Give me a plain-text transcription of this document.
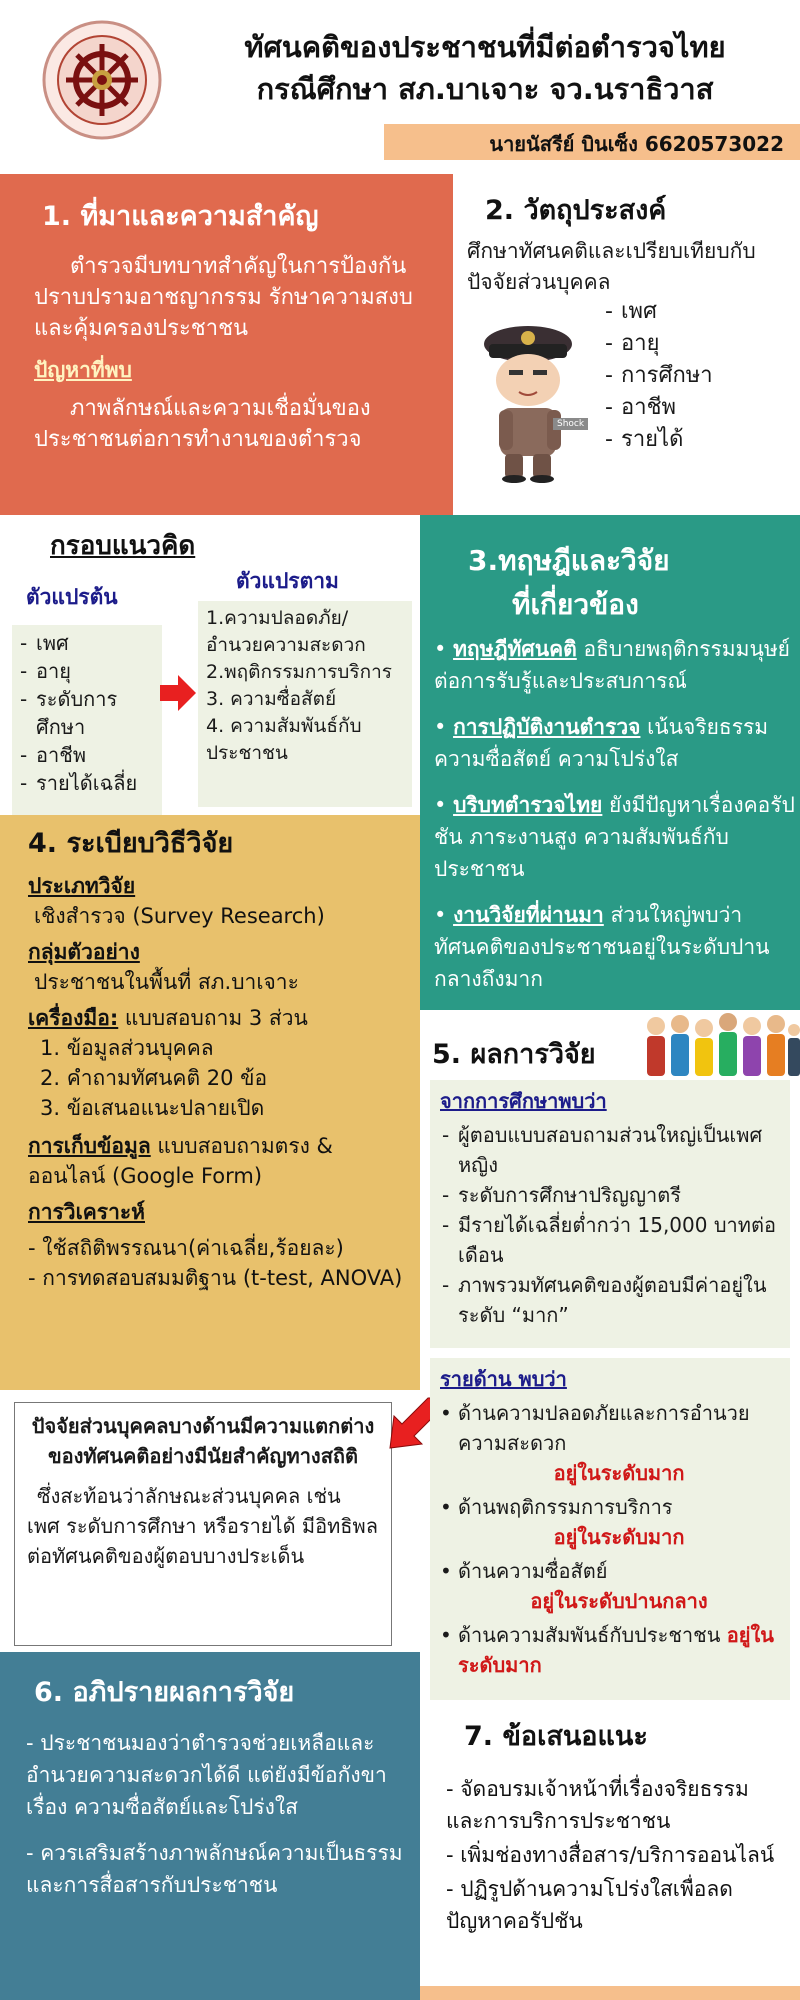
ทัศนคติของประชาชนที่มีต่อตำรวจไทย
กรณีศึกษา สภ.บาเจาะ จว.นราธิวาส
นายนัสรีย์ บินเซ็ง 6620573022
1. ที่มาและความสำคัญ
ตำรวจมีบทบาทสำคัญในการป้องกันปราบปรามอาชญากรรม รักษาความสงบ และคุ้มครองประชาชน
ปัญหาที่พบ
ภาพลักษณ์และความเชื่อมั่นของประชาชนต่อการทำงานของตำรวจ
2. วัตถุประสงค์
ศึกษาทัศนคติและเปรียบเทียบกับปัจจัยส่วนบุคคล
Shock
- เพศ
- อายุ
- การศึกษา
- อาชีพ
- รายได้
กรอบแนวคิด
ตัวแปรต้น
- เพศ
- อายุ
- ระดับการศึกษา
- อาชีพ
- รายได้เฉลี่ย
ตัวแปรตาม
1.ความปลอดภัย/อำนวยความสะดวก
2.พฤติกรรมการบริการ
3. ความซื่อสัตย์
4. ความสัมพันธ์กับประชาชน
3.ทฤษฎีและวิจัย
ที่เกี่ยวข้อง
• ทฤษฎีทัศนคติ อธิบายพฤติกรรมมนุษย์ต่อการรับรู้และประสบการณ์
• การปฏิบัติงานตำรวจ เน้นจริยธรรมความซื่อสัตย์ ความโปร่งใส
• บริบทตำรวจไทย ยังมีปัญหาเรื่องคอรัปชัน ภาระงานสูง ความสัมพันธ์กับประชาชน
• งานวิจัยที่ผ่านมา ส่วนใหญ่พบว่าทัศนคติของประชาชนอยู่ในระดับปานกลางถึงมาก
4. ระเบียบวิธีวิจัย
ประเภทวิจัย
เชิงสำรวจ (Survey Research)
กลุ่มตัวอย่าง
ประชาชนในพื้นที่ สภ.บาเจาะ
เครื่องมือ: แบบสอบถาม 3 ส่วน
1. ข้อมูลส่วนบุคคล
2. คำถามทัศนคติ 20 ข้อ
3. ข้อเสนอแนะปลายเปิด
การเก็บข้อมูล แบบสอบถามตรง & ออนไลน์ (Google Form)
การวิเคราะห์
- ใช้สถิติพรรณนา(ค่าเฉลี่ย,ร้อยละ)
- การทดสอบสมมติฐาน (t-test, ANOVA)
ปัจจัยส่วนบุคคลบางด้านมีความแตกต่างของทัศนคติอย่างมีนัยสำคัญทางสถิติ
ซึ่งสะท้อนว่าลักษณะส่วนบุคคล เช่น เพศ ระดับการศึกษา หรือรายได้ มีอิทธิพลต่อทัศนคติของผู้ตอบบางประเด็น
5. ผลการวิจัย
จากการศึกษาพบว่า
- ผู้ตอบแบบสอบถามส่วนใหญ่เป็นเพศหญิง
- ระดับการศึกษาปริญญาตรี
- มีรายได้เฉลี่ยต่ำกว่า 15,000 บาทต่อเดือน
- ภาพรวมทัศนคติของผู้ตอบมีค่าอยู่ในระดับ “มาก”
รายด้าน พบว่า
• ด้านความปลอดภัยและการอำนวยความสะดวก
อยู่ในระดับมาก
• ด้านพฤติกรรมการบริการ
อยู่ในระดับมาก
• ด้านความซื่อสัตย์
อยู่ในระดับปานกลาง
• ด้านความสัมพันธ์กับประชาชน อยู่ในระดับมาก
6. อภิปรายผลการวิจัย
- ประชาชนมองว่าตำรวจช่วยเหลือและอำนวยความสะดวกได้ดี แต่ยังมีข้อกังขาเรื่อง ความซื่อสัตย์และโปร่งใส
- ควรเสริมสร้างภาพลักษณ์ความเป็นธรรม และการสื่อสารกับประชาชน
7. ข้อเสนอแนะ
- จัดอบรมเจ้าหน้าที่เรื่องจริยธรรมและการบริการประชาชน
- เพิ่มช่องทางสื่อสาร/บริการออนไลน์
- ปฏิรูปด้านความโปร่งใสเพื่อลดปัญหาคอรัปชัน
